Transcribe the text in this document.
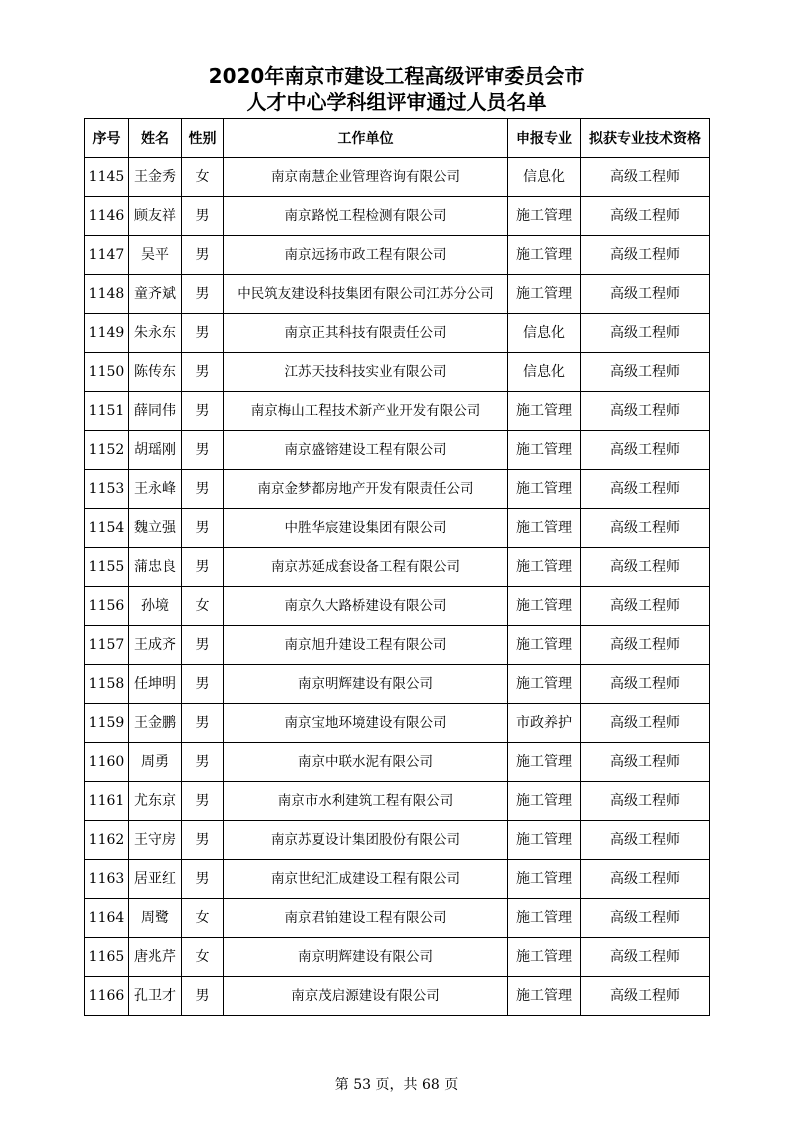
2020年南京市建设工程高级评审委员会市
人才中心学科组评审通过人员名单
序号	姓名	性别	工作单位	申报专业	拟获专业技术资格
1145	王金秀	女	南京南慧企业管理咨询有限公司	信息化	高级工程师
1146	顾友祥	男	南京路悦工程检测有限公司	施工管理	高级工程师
1147	吴平	男	南京远扬市政工程有限公司	施工管理	高级工程师
1148	童齐斌	男	中民筑友建设科技集团有限公司江苏分公司	施工管理	高级工程师
1149	朱永东	男	南京正其科技有限责任公司	信息化	高级工程师
1150	陈传东	男	江苏天技科技实业有限公司	信息化	高级工程师
1151	薛同伟	男	南京梅山工程技术新产业开发有限公司	施工管理	高级工程师
1152	胡瑶刚	男	南京盛镕建设工程有限公司	施工管理	高级工程师
1153	王永峰	男	南京金梦都房地产开发有限责任公司	施工管理	高级工程师
1154	魏立强	男	中胜华宸建设集团有限公司	施工管理	高级工程师
1155	蒲忠良	男	南京苏延成套设备工程有限公司	施工管理	高级工程师
1156	孙境	女	南京久大路桥建设有限公司	施工管理	高级工程师
1157	王成齐	男	南京旭升建设工程有限公司	施工管理	高级工程师
1158	任坤明	男	南京明辉建设有限公司	施工管理	高级工程师
1159	王金鹏	男	南京宝地环境建设有限公司	市政养护	高级工程师
1160	周勇	男	南京中联水泥有限公司	施工管理	高级工程师
1161	尤东京	男	南京市水利建筑工程有限公司	施工管理	高级工程师
1162	王守房	男	南京苏夏设计集团股份有限公司	施工管理	高级工程师
1163	居亚红	男	南京世纪汇成建设工程有限公司	施工管理	高级工程师
1164	周鹭	女	南京君铂建设工程有限公司	施工管理	高级工程师
1165	唐兆芹	女	南京明辉建设有限公司	施工管理	高级工程师
1166	孔卫才	男	南京茂启源建设有限公司	施工管理	高级工程师
第 53 页，共 68 页
